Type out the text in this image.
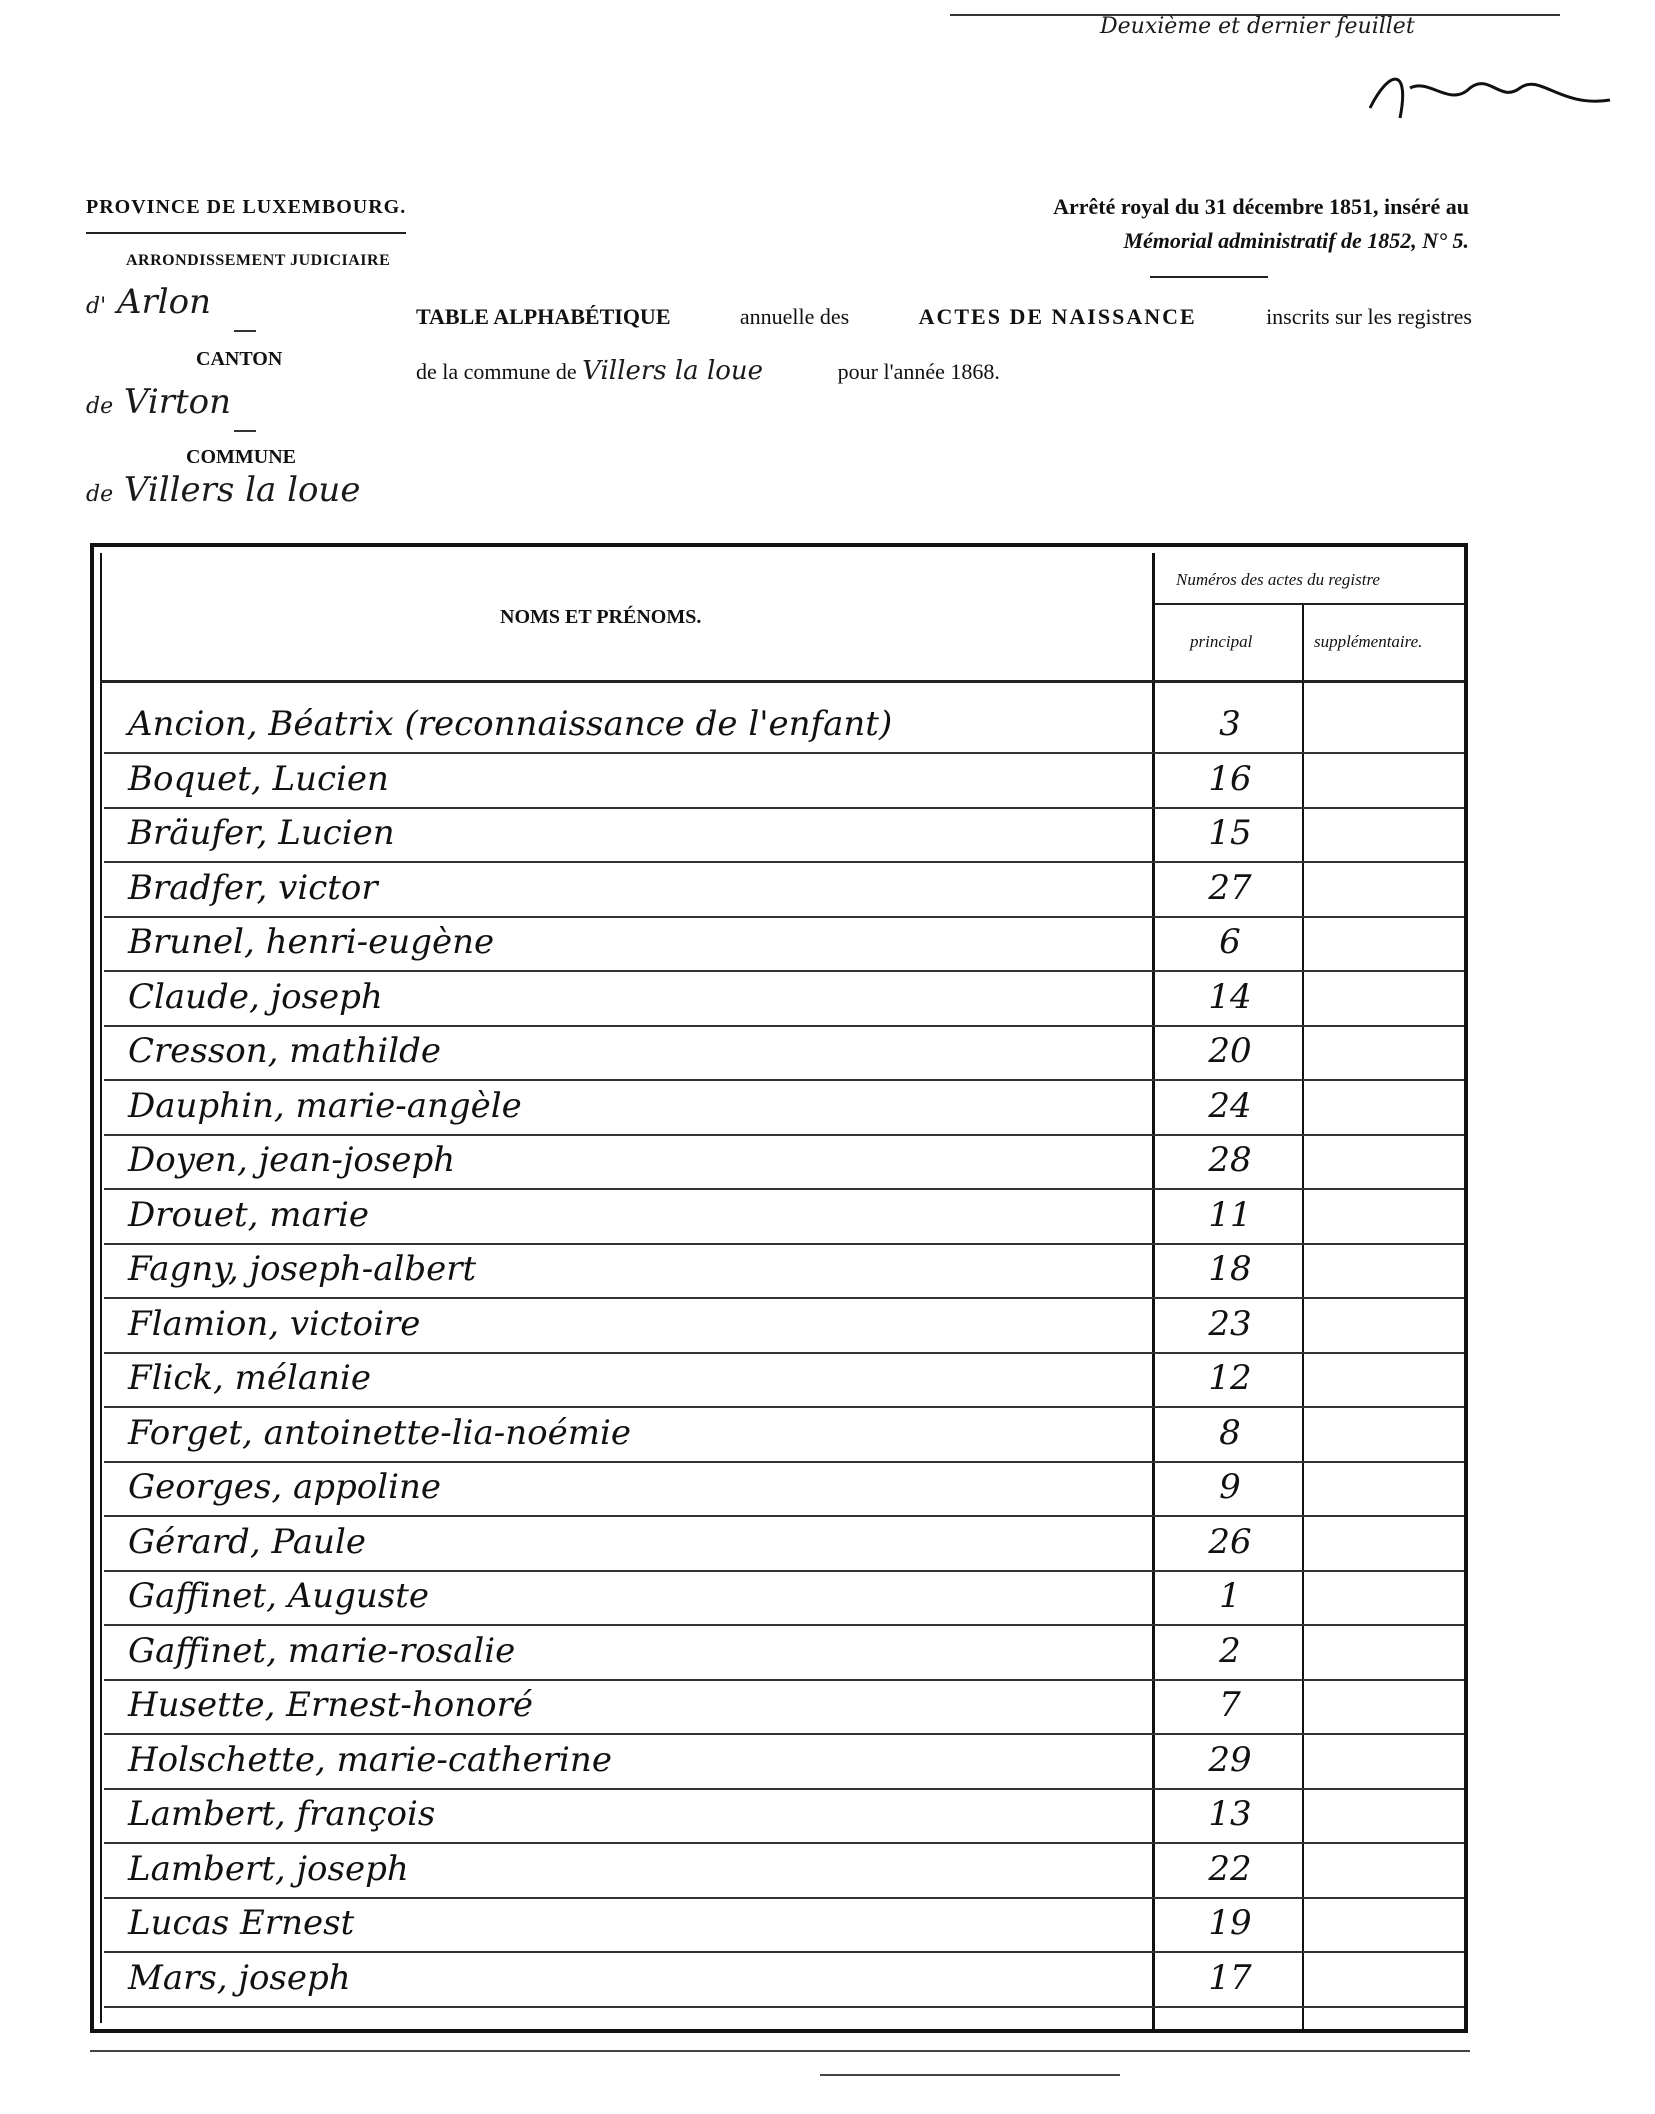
Deuxième et dernier feuillet
PROVINCE DE LUXEMBOURG.
ARRONDISSEMENT JUDICIAIRE
d' Arlon
CANTON
de Virton
COMMUNE
de Villers la loue
Arrêté royal du 31 décembre 1851, inséré au
Mémorial administratif de 1852, N° 5.
TABLE ALPHABÉTIQUE	annuelle des	ACTES DE NAISSANCE	inscrits sur les registres
de la commune de Villers la loue	pour l'année 1868.
NOMS ET PRÉNOMS.
Numéros des actes du registre
principal	supplémentaire.
Ancion, Béatrix (reconnaissance de l'enfant)	3
Boquet, Lucien	16
Bräufer, Lucien	15
Bradfer, victor	27
Brunel, henri-eugène	6
Claude, joseph	14
Cresson, mathilde	20
Dauphin, marie-angèle	24
Doyen, jean-joseph	28
Drouet, marie	11
Fagny, joseph-albert	18
Flamion, victoire	23
Flick, mélanie	12
Forget, antoinette-lia-noémie	8
Georges, appoline	9
Gérard, Paule	26
Gaffinet, Auguste	1
Gaffinet, marie-rosalie	2
Husette, Ernest-honoré	7
Holschette, marie-catherine	29
Lambert, françois	13
Lambert, joseph	22
Lucas Ernest	19
Mars, joseph	17
